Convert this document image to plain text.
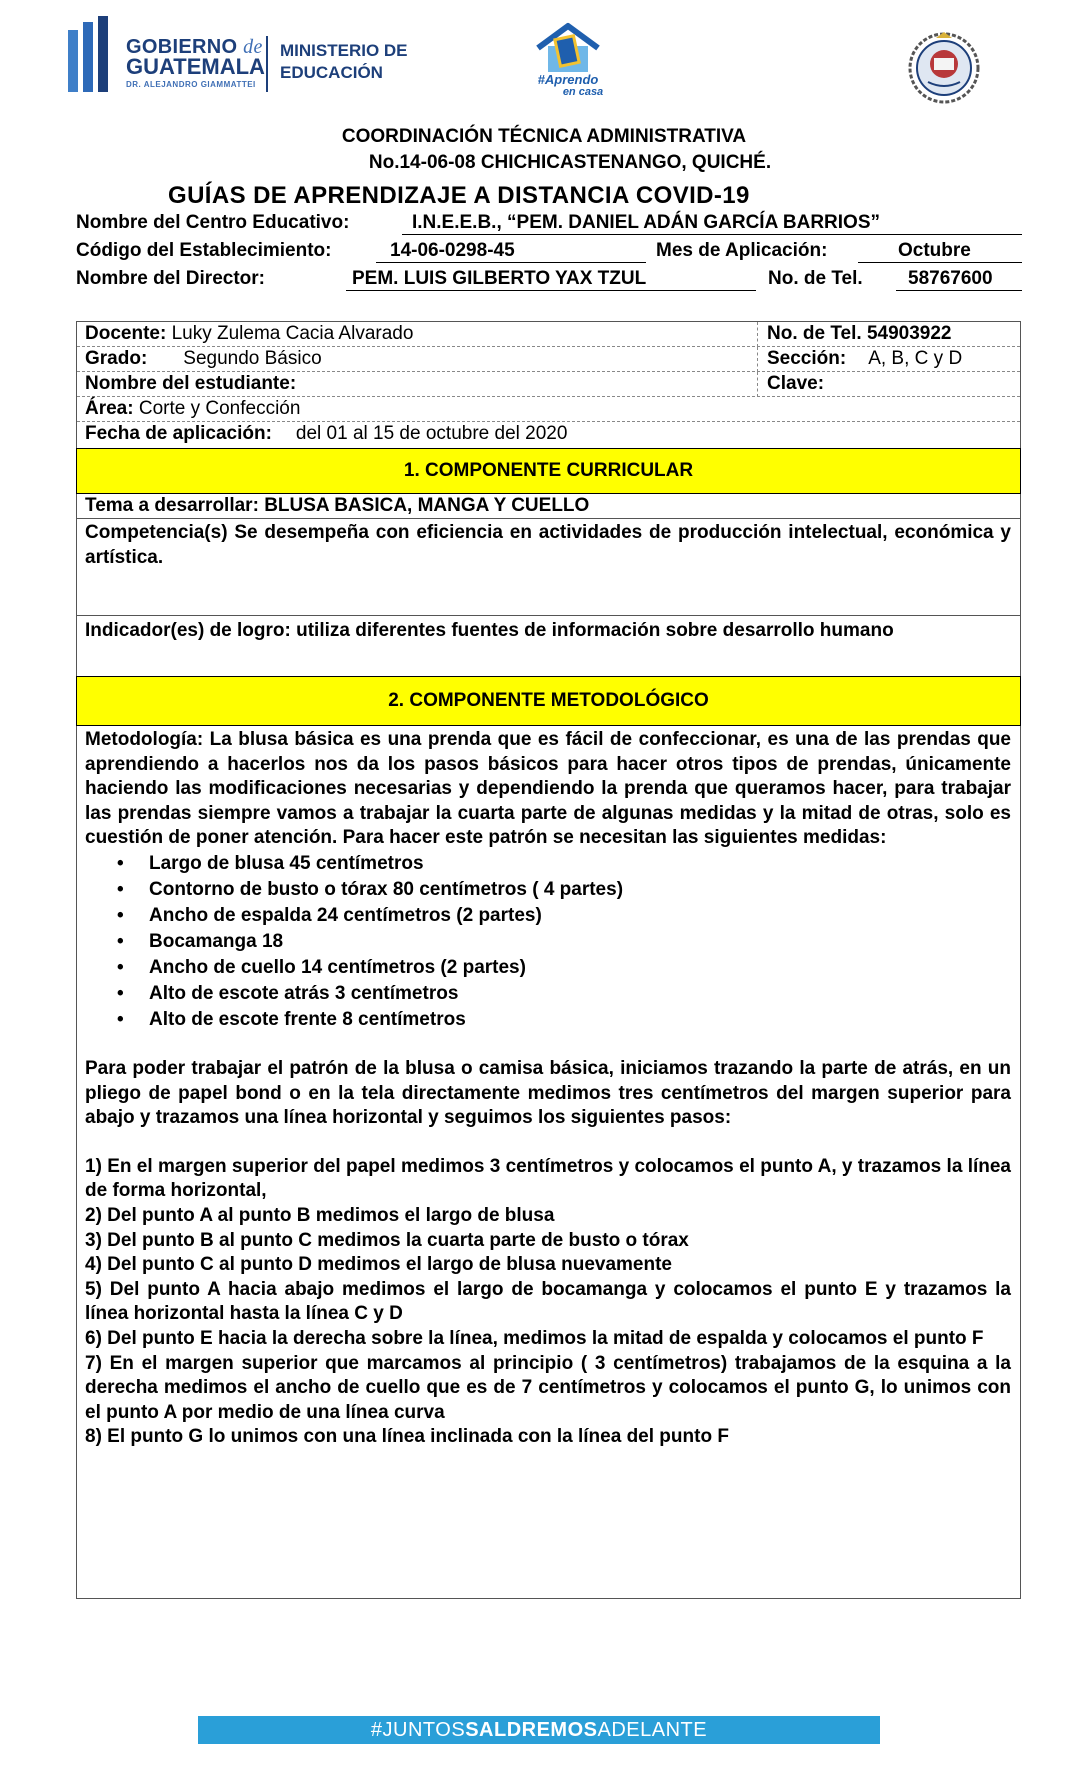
GOBIERNO de
GUATEMALA
DR. ALEJANDRO GIAMMATTEI
MINISTERIO DE
EDUCACIÓN	#Aprendo
en casa
COORDINACIÓN TÉCNICA ADMINISTRATIVA
No.14-06-08 CHICHICASTENANGO, QUICHÉ.
GUÍAS DE APRENDIZAJE A DISTANCIA COVID-19
Nombre del Centro Educativo:	I.N.E.E.B., “PEM. DANIEL ADÁN GARCÍA BARRIOS”
Código del Establecimiento:	14-06-0298-45	Mes de Aplicación:	Octubre
Nombre del Director:	PEM. LUIS GILBERTO YAX TZUL	No. de Tel.	58767600
Docente: Luky Zulema Cacia Alvarado	No. de Tel. 54903922
Grado: Segundo Básico	Sección: A, B, C y D
Nombre del estudiante:	Clave:
Área: Corte y Confección
Fecha de aplicación: del 01 al 15 de octubre del 2020
1. COMPONENTE CURRICULAR
Tema a desarrollar: BLUSA BASICA, MANGA Y CUELLO
Competencia(s) Se desempeña con eficiencia en actividades de producción intelectual, económica y artística.
Indicador(es) de logro: utiliza diferentes fuentes de información sobre desarrollo humano
2. COMPONENTE METODOLÓGICO

Metodología: La blusa básica es una prenda que es fácil de confeccionar, es una de las prendas que aprendiendo a hacerlos nos da los pasos básicos para hacer otros tipos de prendas, únicamente haciendo las modificaciones necesarias y dependiendo la prenda que queramos hacer, para trabajar las prendas siempre vamos a trabajar la cuarta parte de algunas medidas y la mitad de otras, solo es cuestión de poner atención. Para hacer este patrón se necesitan las siguientes medidas:

• Largo de blusa 45 centímetros
• Contorno de busto o tórax 80 centímetros ( 4 partes)
• Ancho de espalda 24 centímetros (2 partes)
• Bocamanga 18
• Ancho de cuello 14 centímetros (2 partes)
• Alto de escote atrás 3 centímetros
• Alto de escote frente 8 centímetros

Para poder trabajar el patrón de la blusa o camisa básica, iniciamos trazando la parte de atrás, en un pliego de papel bond o en la tela directamente medimos tres centímetros del margen superior para abajo y trazamos una línea horizontal y seguimos los siguientes pasos:

1) En el margen superior del papel medimos 3 centímetros y colocamos el punto A, y trazamos la línea de forma horizontal,

2) Del punto A al punto B medimos el largo de blusa

3) Del punto B al punto C medimos la cuarta parte de busto o tórax

4) Del punto C al punto D medimos el largo de blusa nuevamente

5) Del punto A hacia abajo medimos el largo de bocamanga y colocamos el punto E y trazamos la línea horizontal hasta la línea C y D

6) Del punto E hacia la derecha sobre la línea, medimos la mitad de espalda y colocamos el punto F

7) En el margen superior que marcamos al principio ( 3 centímetros) trabajamos de la esquina a la derecha medimos el ancho de cuello que es de 7 centímetros y colocamos el punto G, lo unimos con el punto A por medio de una línea curva

8) El punto G lo unimos con una línea inclinada con la línea del punto F

#JUNTOSSALDREMOSADELANTE
